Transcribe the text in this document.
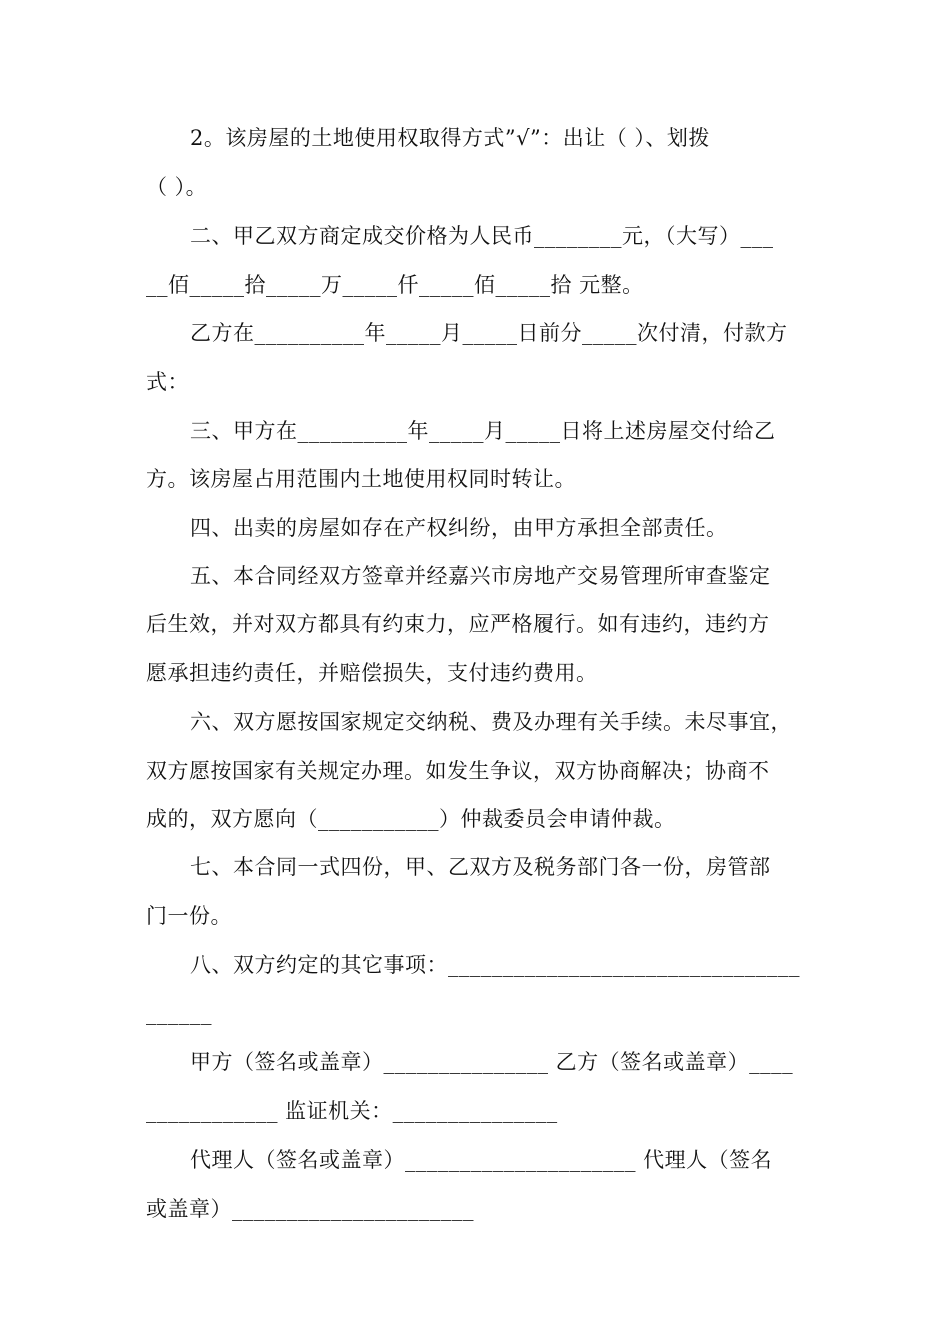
2。该房屋的土地使用权取得方式”√”：出让（ ）、划拨
（ ）。
二、甲乙双方商定成交价格为人民币________元，（大写）___
__佰_____拾_____万_____仟_____佰_____拾 元整。
乙方在__________年_____月_____日前分_____次付清，付款方
式：
三、甲方在__________年_____月_____日将上述房屋交付给乙
方。该房屋占用范围内土地使用权同时转让。
四、出卖的房屋如存在产权纠纷，由甲方承担全部责任。
五、本合同经双方签章并经嘉兴市房地产交易管理所审查鉴定
后生效，并对双方都具有约束力，应严格履行。如有违约，违约方
愿承担违约责任，并赔偿损失，支付违约费用。
六、双方愿按国家规定交纳税、费及办理有关手续。未尽事宜，
双方愿按国家有关规定办理。如发生争议，双方协商解决；协商不
成的，双方愿向（___________）仲裁委员会申请仲裁。
七、本合同一式四份，甲、乙双方及税务部门各一份，房管部
门一份。
八、双方约定的其它事项：________________________________
______
甲方（签名或盖章）_______________ 乙方（签名或盖章）____
____________ 监证机关：_______________
代理人（签名或盖章）_____________________ 代理人（签名
或盖章）______________________
